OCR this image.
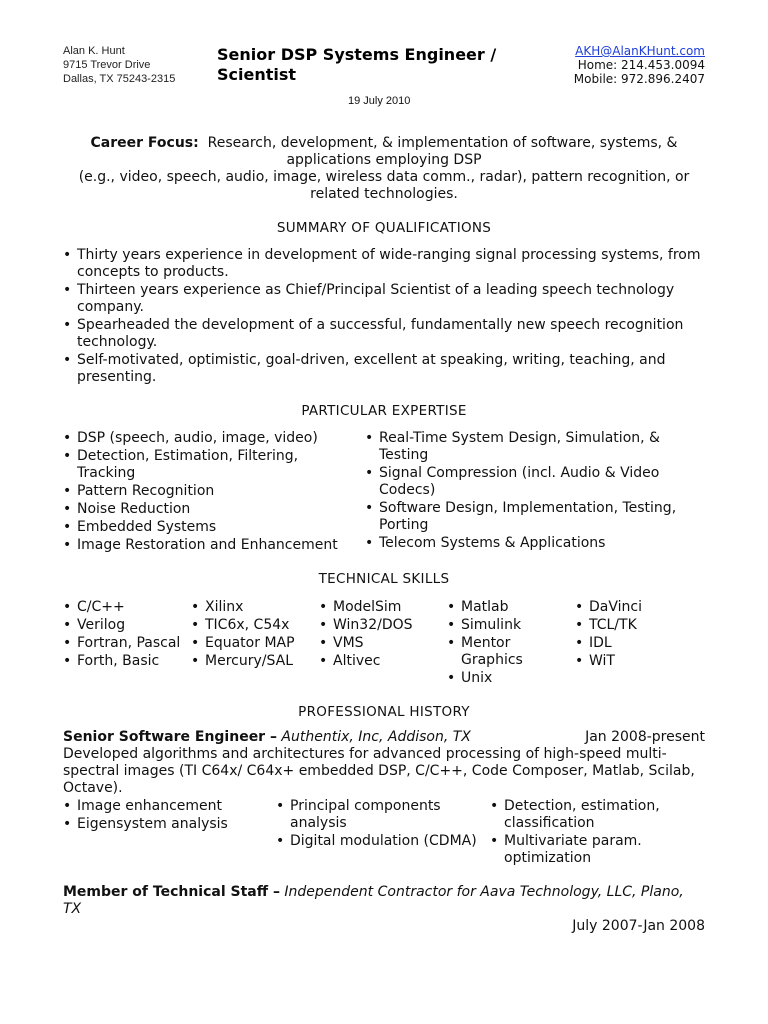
Alan K. Hunt
9715 Trevor Drive
Dallas, TX 75243-2315
Senior DSP Systems Engineer /
Scientist
19 July 2010
AKH@AlanKHunt.com
Home: 214.453.0094
Mobile: 972.896.2407
Career Focus: Research, development, & implementation of software, systems, &
applications employing DSP
(e.g., video, speech, audio, image, wireless data comm., radar), pattern recognition, or
related technologies.
SUMMARY OF QUALIFICATIONS
• Thirty years experience in development of wide-ranging signal processing systems, from concepts to products.
• Thirteen years experience as Chief/Principal Scientist of a leading speech technology company.
• Spearheaded the development of a successful, fundamentally new speech recognition technology.
• Self-motivated, optimistic, goal-driven, excellent at speaking, writing, teaching, and presenting.
PARTICULAR EXPERTISE
• DSP (speech, audio, image, video)
• Detection, Estimation, Filtering, Tracking
• Pattern Recognition
• Noise Reduction
• Embedded Systems
• Image Restoration and Enhancement
• Real-Time System Design, Simulation, & Testing
• Signal Compression (incl. Audio & Video Codecs)
• Software Design, Implementation, Testing, Porting
• Telecom Systems & Applications
TECHNICAL SKILLS
• C/C++
• Verilog
• Fortran, Pascal
• Forth, Basic
• Xilinx
• TIC6x, C54x
• Equator MAP
• Mercury/SAL
• ModelSim
• Win32/DOS
• VMS
• Altivec
• Matlab
• Simulink
• Mentor Graphics
• Unix
• DaVinci
• TCL/TK
• IDL
• WiT
PROFESSIONAL HISTORY
Senior Software Engineer – Authentix, Inc, Addison, TX	Jan 2008-present
Developed algorithms and architectures for advanced processing of high-speed multi-spectral images (TI C64x/ C64x+ embedded DSP, C/C++, Code Composer, Matlab, Scilab, Octave).
• Image enhancement
• Eigensystem analysis
• Principal components analysis
• Digital modulation (CDMA)
• Detection, estimation, classification
• Multivariate param. optimization
Member of Technical Staff – Independent Contractor for Aava Technology, LLC, Plano, TX
July 2007-Jan 2008
